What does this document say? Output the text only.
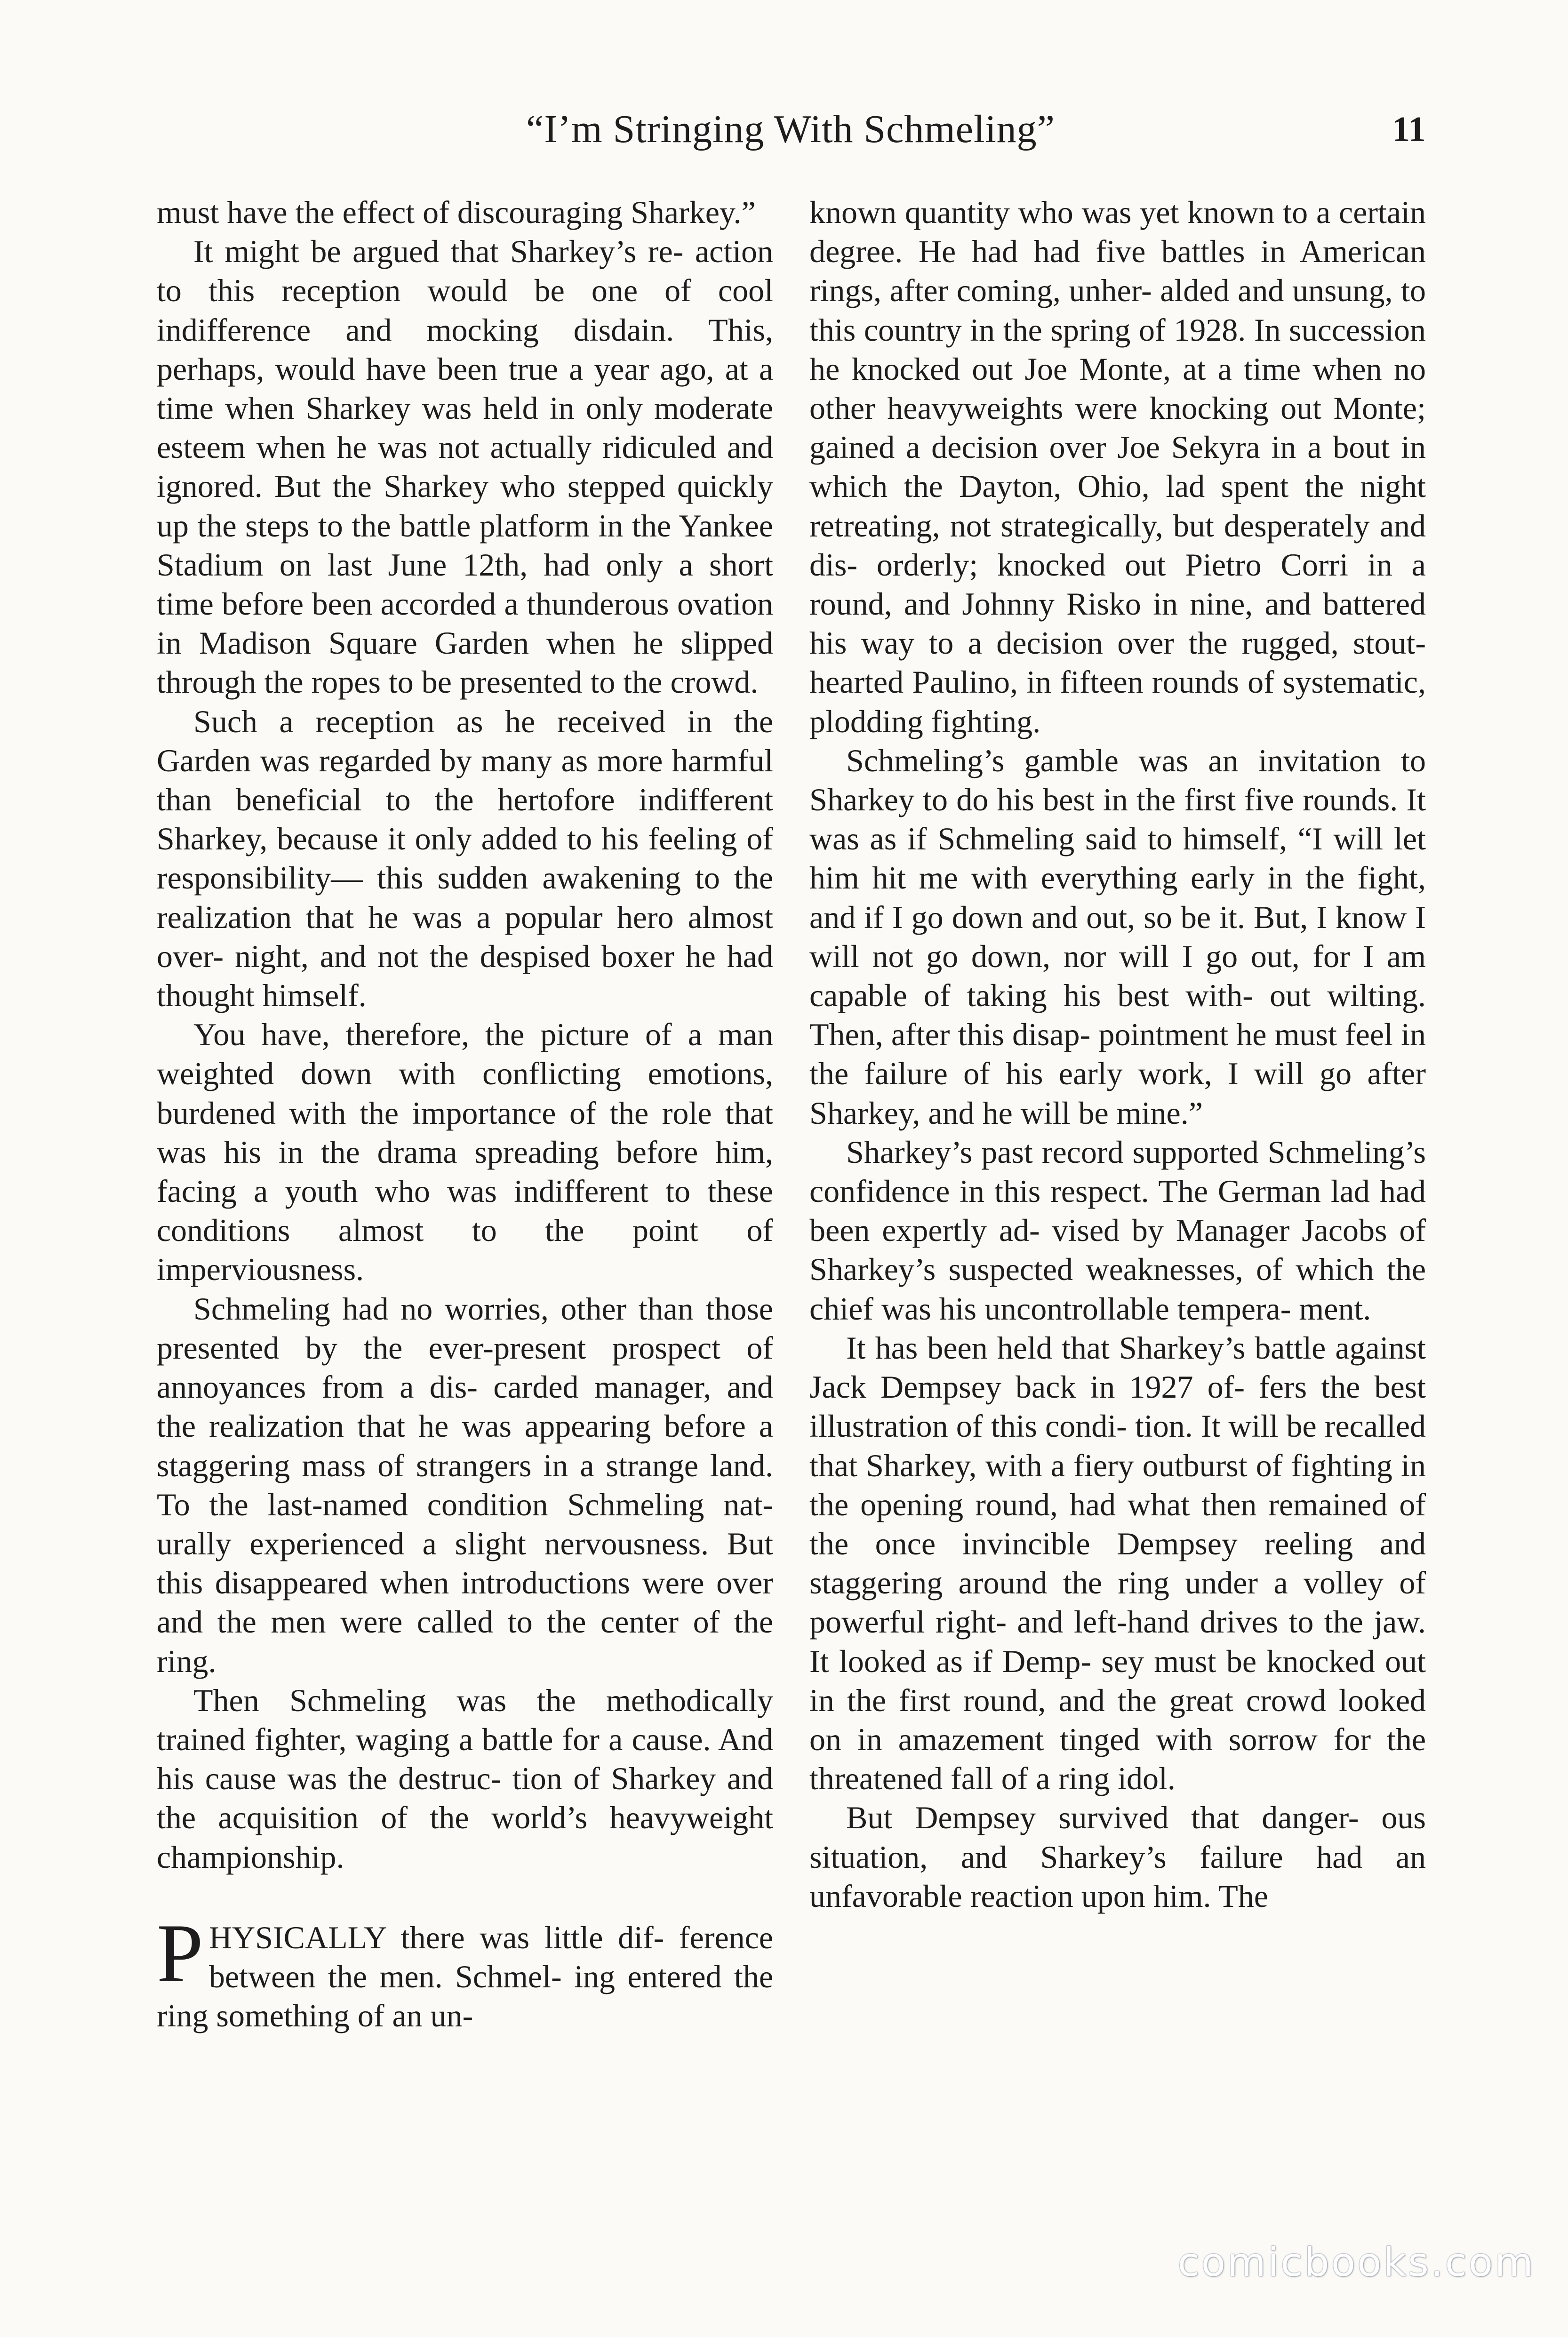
“I’m Stringing With Schmeling”	11

must have the effect of discouraging Sharkey.”

It might be argued that Sharkey’s re- action to this reception would be one of cool indifference and mocking disdain. This, perhaps, would have been true a year ago, at a time when Sharkey was held in only moderate esteem when he was not actually ridiculed and ignored. But the Sharkey who stepped quickly up the steps to the battle platform in the Yankee Stadium on last June 12th, had only a short time before been accorded a thunderous ovation in Madison Square Garden when he slipped through the ropes to be presented to the crowd.

Such a reception as he received in the Garden was regarded by many as more harmful than beneficial to the hertofore indifferent Sharkey, because it only added to his feeling of responsibility— this sudden awakening to the realization that he was a popular hero almost over- night, and not the despised boxer he had thought himself.

You have, therefore, the picture of a man weighted down with conflicting emotions, burdened with the importance of the role that was his in the drama spreading before him, facing a youth who was indifferent to these conditions almost to the point of imperviousness.

Schmeling had no worries, other than those presented by the ever-present prospect of annoyances from a dis- carded manager, and the realization that he was appearing before a staggering mass of strangers in a strange land. To the last-named condition Schmeling nat- urally experienced a slight nervousness. But this disappeared when introductions were over and the men were called to the center of the ring.

Then Schmeling was the methodically trained fighter, waging a battle for a cause. And his cause was the destruc- tion of Sharkey and the acquisition of the world’s heavyweight championship.

PHYSICALLY there was little dif- ference between the men. Schmel- ing entered the ring something of an un-

known quantity who was yet known to a certain degree. He had had five battles in American rings, after coming, unher- alded and unsung, to this country in the spring of 1928. In succession he knocked out Joe Monte, at a time when no other heavyweights were knocking out Monte; gained a decision over Joe Sekyra in a bout in which the Dayton, Ohio, lad spent the night retreating, not strategically, but desperately and dis- orderly; knocked out Pietro Corri in a round, and Johnny Risko in nine, and battered his way to a decision over the rugged, stout-hearted Paulino, in fifteen rounds of systematic, plodding fighting.

Schmeling’s gamble was an invitation to Sharkey to do his best in the first five rounds. It was as if Schmeling said to himself, “I will let him hit me with everything early in the fight, and if I go down and out, so be it. But, I know I will not go down, nor will I go out, for I am capable of taking his best with- out wilting. Then, after this disap- pointment he must feel in the failure of his early work, I will go after Sharkey, and he will be mine.”

Sharkey’s past record supported Schmeling’s confidence in this respect. The German lad had been expertly ad- vised by Manager Jacobs of Sharkey’s suspected weaknesses, of which the chief was his uncontrollable tempera- ment.

It has been held that Sharkey’s battle against Jack Dempsey back in 1927 of- fers the best illustration of this condi- tion. It will be recalled that Sharkey, with a fiery outburst of fighting in the opening round, had what then remained of the once invincible Dempsey reeling and staggering around the ring under a volley of powerful right- and left-hand drives to the jaw. It looked as if Demp- sey must be knocked out in the first round, and the great crowd looked on in amazement tinged with sorrow for the threatened fall of a ring idol.

But Dempsey survived that danger- ous situation, and Sharkey’s failure had an unfavorable reaction upon him. The

comicbooks.com
